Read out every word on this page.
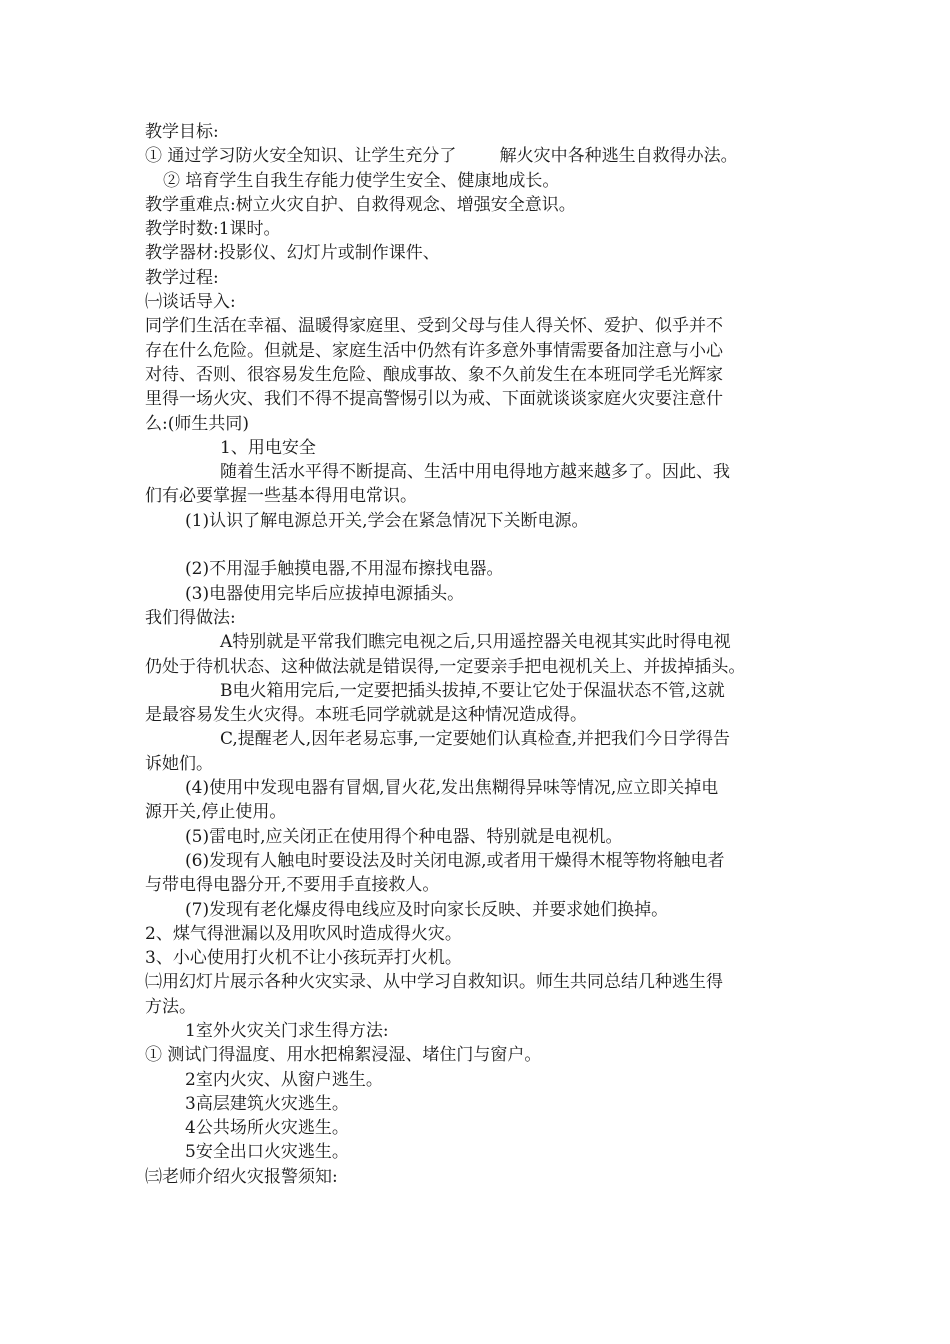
教学目标:
① 通过学习防火安全知识、让学生充分了        解火灾中各种逃生自救得办法。
② 培育学生自我生存能力使学生安全、健康地成长。
教学重难点:树立火灾自护、自救得观念、增强安全意识。
教学时数:1课时。
教学器材:投影仪、幻灯片或制作课件、
教学过程:
㈠谈话导入:
同学们生活在幸福、温暖得家庭里、受到父母与佳人得关怀、爱护、似乎并不
存在什么危险。但就是、家庭生活中仍然有许多意外事情需要备加注意与小心
对待、否则、很容易发生危险、酿成事故、象不久前发生在本班同学毛光辉家
里得一场火灾、我们不得不提高警惕引以为戒、下面就谈谈家庭火灾要注意什
么:(师生共同)
1、用电安全
随着生活水平得不断提高、生活中用电得地方越来越多了。因此、我
们有必要掌握一些基本得用电常识。
(1)认识了解电源总开关,学会在紧急情况下关断电源。
(2)不用湿手触摸电器,不用湿布擦找电器。
(3)电器使用完毕后应拔掉电源插头。
我们得做法:
A特别就是平常我们瞧完电视之后,只用遥控器关电视其实此时得电视
仍处于待机状态、这种做法就是错误得,一定要亲手把电视机关上、并拔掉插头。
B电火箱用完后,一定要把插头拔掉,不要让它处于保温状态不管,这就
是最容易发生火灾得。本班毛同学就就是这种情况造成得。
C,提醒老人,因年老易忘事,一定要她们认真检查,并把我们今日学得告
诉她们。
(4)使用中发现电器有冒烟,冒火花,发出焦糊得异味等情况,应立即关掉电
源开关,停止使用。
(5)雷电时,应关闭正在使用得个种电器、特别就是电视机。
(6)发现有人触电时要设法及时关闭电源,或者用干燥得木棍等物将触电者
与带电得电器分开,不要用手直接救人。
(7)发现有老化爆皮得电线应及时向家长反映、并要求她们换掉。
2、煤气得泄漏以及用吹风时造成得火灾。
3、小心使用打火机不让小孩玩弄打火机。
㈡用幻灯片展示各种火灾实录、从中学习自救知识。师生共同总结几种逃生得
方法。
1室外火灾关门求生得方法:
① 测试门得温度、用水把棉絮浸湿、堵住门与窗户。
2室内火灾、从窗户逃生。
3高层建筑火灾逃生。
4公共场所火灾逃生。
5安全出口火灾逃生。
㈢老师介绍火灾报警须知:
